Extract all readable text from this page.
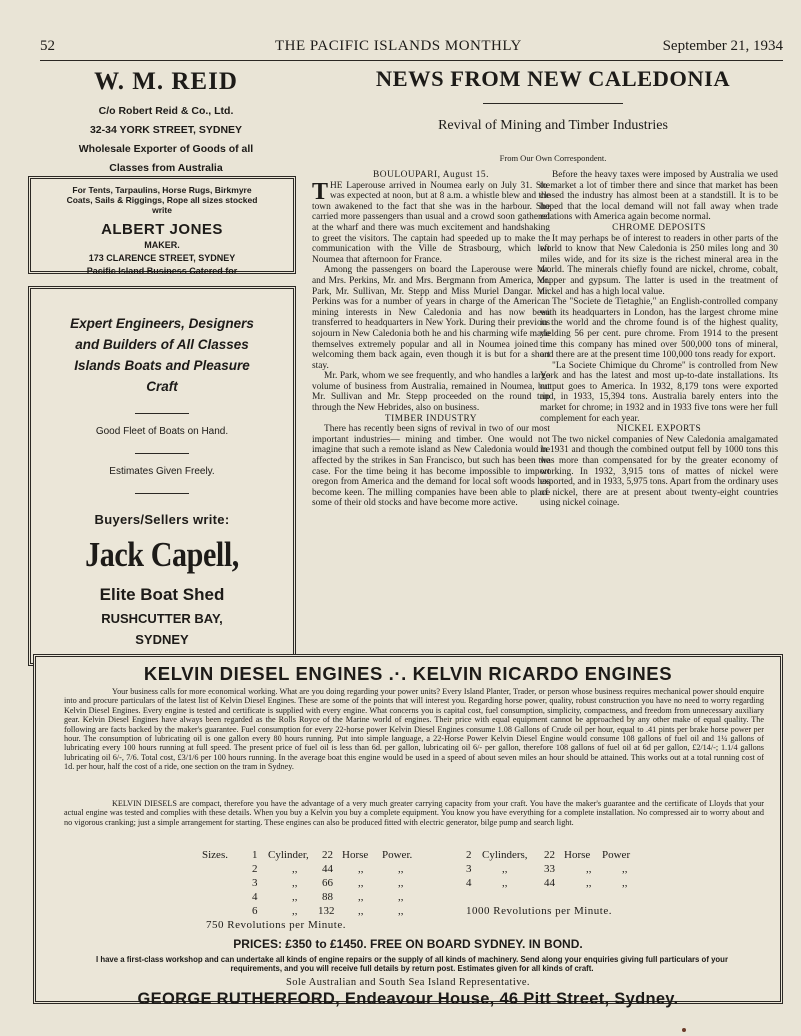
52	THE PACIFIC ISLANDS MONTHLY	September 21, 1934
W. M. REID
C/o Robert Reid & Co., Ltd.
32-34 YORK STREET, SYDNEY
Wholesale Exporter of Goods of all
Classes from Australia
For Tents, Tarpaulins, Horse Rugs, Birkmyre
Coats, Sails & Riggings, Rope all sizes stocked
write
ALBERT JONES
MAKER.
173 CLARENCE STREET, SYDNEY
Pacific Island Business Catered for
Expert Engineers, Designers
and Builders of All Classes
Islands Boats and Pleasure
Craft
Good Fleet of Boats on Hand.
Estimates Given Freely.
Buyers/Sellers write:
Jack Capell,
Elite Boat Shed
RUSHCUTTER BAY,
SYDNEY
NEWS FROM NEW CALEDONIA
Revival of Mining and Timber Industries
From Our Own Correspondent.

BOULOUPARI, August 15.

THE Laperouse arrived in Noumea early on July 31. She was expected at noon, but at 8 a.m. a whistle blew and the town awakened to the fact that she was in the harbour. She carried more passengers than usual and a crowd soon gathered at the wharf and there was much excitement and handshaking to greet the visitors. The captain had speeded up to make the communication with the Ville de Strasbourg, which left Noumea that afternoon for France.

Among the passengers on board the Laperouse were Mr. and Mrs. Perkins, Mr. and Mrs. Bergmann from America, Mr. Park, Mr. Sullivan, Mr. Stepp and Miss Muriel Dangar. Mr. Perkins was for a number of years in charge of the American mining interests in New Caledonia and has now been transferred to headquarters in New York. During their previous sojourn in New Caledonia both he and his charming wife made themselves extremely popular and all in Noumea joined in welcoming them back again, even though it is but for a short stay.

Mr. Park, whom we see frequently, and who handles a large volume of business from Australia, remained in Noumea, but Mr. Sullivan and Mr. Stepp proceeded on the round trip through the New Hebrides, also on business.

TIMBER INDUSTRY

There has recently been signs of revival in two of our most important industries— mining and timber. One would not imagine that such a remote island as New Caledonia would be affected by the strikes in San Francisco, but such has been the case. For the time being it has become impossible to import oregon from America and the demand for local soft woods has become keen. The milling companies have been able to place some of their old stocks and have become more active.

Before the heavy taxes were imposed by Australia we used to market a lot of timber there and since that market has been closed the industry has almost been at a standstill. It is to be hoped that the local demand will not fall away when trade relations with America again become normal.

CHROME DEPOSITS

It may perhaps be of interest to readers in other parts of the world to know that New Caledonia is 250 miles long and 30 miles wide, and for its size is the richest mineral area in the world. The minerals chiefly found are nickel, chrome, cobalt, copper and gypsum. The latter is used in the treatment of nickel and has a high local value.

The "Societe de Tietaghie," an English-controlled company with its headquarters in London, has the largest chrome mine in the world and the chrome found is of the highest quality, yielding 56 per cent. pure chrome. From 1914 to the present time this company has mined over 500,000 tons of mineral, and there are at the present time 100,000 tons ready for export.

"La Societe Chimique du Chrome" is controlled from New York and has the latest and most up-to-date installations. Its output goes to America. In 1932, 8,179 tons were exported and, in 1933, 15,394 tons. Australia barely enters into the market for chrome; in 1932 and in 1933 five tons were her full complement for each year.

NICKEL EXPORTS

The two nickel companies of New Caledonia amalgamated in 1931 and though the combined output fell by 1000 tons this was more than compensated for by the greater economy of working. In 1932, 3,915 tons of mattes of nickel were exported, and in 1933, 5,975 tons. Apart from the ordinary uses of nickel, there are at present about twenty-eight countries using nickel coinage.

KELVIN DIESEL ENGINES .·. KELVIN RICARDO ENGINES
Your business calls for more economical working. What are you doing regarding your power units? Every Island Planter, Trader, or person whose business requires mechanical power should enquire into and procure particulars of the latest list of Kelvin Diesel Engines. These are some of the points that will interest you. Regarding horse power, quality, robust construction you have no need to worry regarding Kelvin Diesel Engines. Every engine is tested and certificate is supplied with every engine. What concerns you is capital cost, fuel consumption, simplicity, compactness, and freedom from unnecessary auxiliary gear. Kelvin Diesel Engines have always been regarded as the Rolls Royce of the Marine world of engines. Their price with equal equipment cannot be approached by any other make of equal quality. The following are facts backed by the maker's guarantee. Fuel consumption for every 22-horse power Kelvin Diesel Engines consume 1.08 Gallons of Crude oil per hour, equal to .41 pints per brake horse power per hour. The consumption of lubricating oil is one gallon every 80 hours running. Put into simple language, a 22-Horse Power Kelvin Diesel Engine would consume 108 gallons of fuel oil and 1¼ gallons of lubricating every 100 hours running at full speed. The present price of fuel oil is less than 6d. per gallon, lubricating oil 6/- per gallon, therefore 108 gallons of fuel oil at 6d per gallon, £2/14/-; 1.1/4 gallons lubricating oil 6/-, 7/6. Total cost, £3/1/6 per 100 hours running. In the average boat this engine would be used in a speed of about seven miles an hour should be attained. This works out at a total running cost of 1d. per hour, half the cost of a ride, one section on the tram in Sydney.
KELVIN DIESELS are compact, therefore you have the advantage of a very much greater carrying capacity from your craft. You have the maker's guarantee and the certificate of Lloyds that your actual engine was tested and complies with these details. When you buy a Kelvin you buy a complete equipment. You know you have everything for a complete installation. No compressed air to worry about and no vigorous cranking; just a simple arrangement for starting. These engines can also be produced fitted with electric generator, bilge pump and search light.
Sizes. 1 Cylinder, 22 Horse Power.	2 Cylinders, 22 Horse Power
2	,, 44 ,,	,,	3	,,	33	,,	,,
3	,, 66 ,,	,,	4	,,	44	,,	,,
4	,, 88 ,,	,,
6	,, 132 ,,	,,	1000 Revolutions per Minute.
750 Revolutions per Minute.
PRICES: £350 to £1450. FREE ON BOARD SYDNEY. IN BOND.
I have a first-class workshop and can undertake all kinds of engine repairs or the supply of all kinds of machinery. Send along your enquiries giving full particulars of your requirements, and you will receive full details by return post. Estimates given for all kinds of craft.
Sole Australian and South Sea Island Representative.
GEORGE RUTHERFORD, Endeavour House, 46 Pitt Street, Sydney.
